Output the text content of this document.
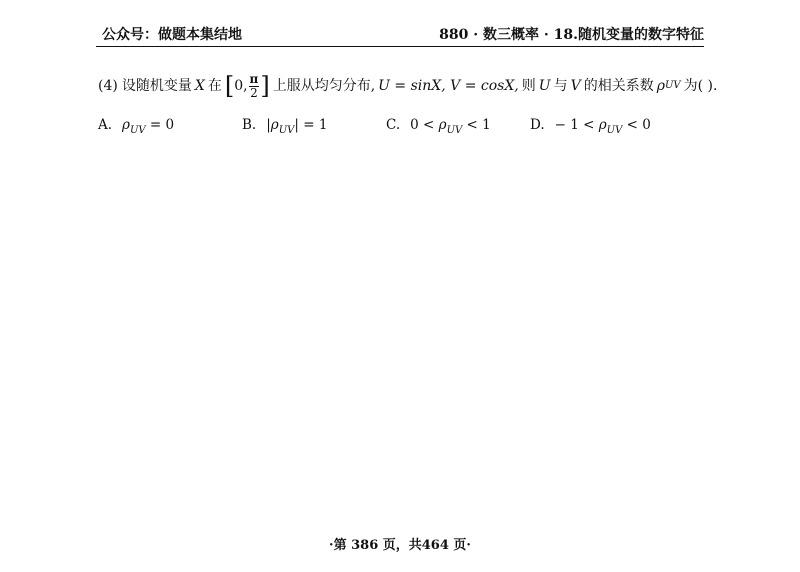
公众号：做题本集结地	880 · 数三概率 · 18.随机变量的数字特征
(4) 设随机变量 X 在 [ 0, $\frac{\pi}{2}$ ] 上服从均匀分布, U = sinX, V = cosX, 则 U 与 V 的相关系数 ρ UV 为( ).
A. $\rho_{UV} = 0$	B. $|\rho_{UV}| = 1$	C. $0 < \rho_{UV} < 1$	D. − $1 < \rho_{UV} < 0$
·第 386 页，共464 页·
